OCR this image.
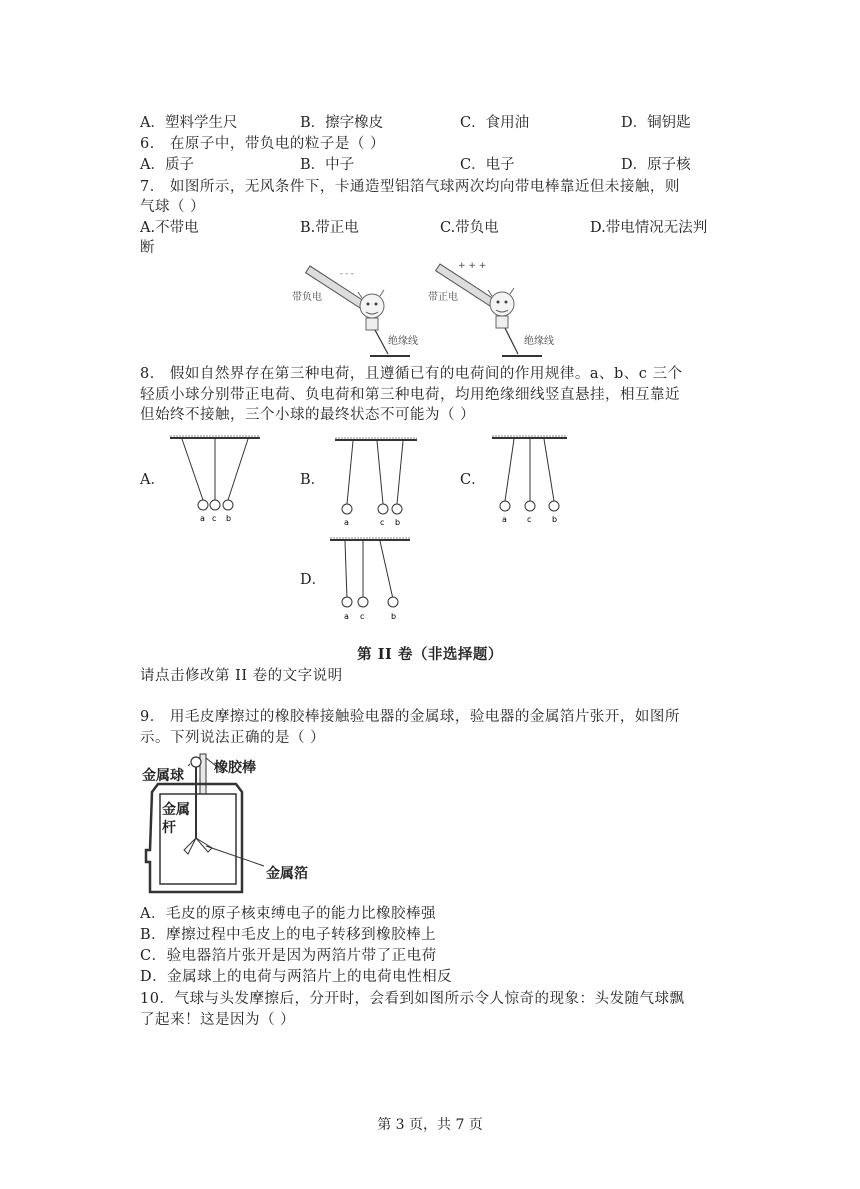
A．塑料学生尺	B．擦字橡皮	C．食用油	D．铜钥匙
6． 在原子中，带负电的粒子是（ ）
A．质子	B．中子	C．电子	D．原子核
7． 如图所示，无风条件下，卡通造型铝箔气球两次均向带电棒靠近但未接触，则
气球（ ）
A.不带电	B.带正电	C.带负电	D.带电情况无法判
断
- - -
带负电
绝缘线
+ + +
带正电
绝缘线
8． 假如自然界存在第三种电荷，且遵循已有的电荷间的作用规律。a、b、c 三个
轻质小球分别带正电荷、负电荷和第三种电荷，均用绝缘细线竖直悬挂，相互靠近
但始终不接触，三个小球的最终状态不可能为（ ）
A．	B．	C．
D．
a c b	a	c b	a	c	b
a c	b
第 II 卷（非选择题）
请点击修改第 II 卷的文字说明
9． 用毛皮摩擦过的橡胶棒接触验电器的金属球，验电器的金属箔片张开，如图所
示。下列说法正确的是（ ）
橡胶棒
金属球
金属
杆
金属箔
A．毛皮的原子核束缚电子的能力比橡胶棒强
B．摩擦过程中毛皮上的电子转移到橡胶棒上
C．验电器箔片张开是因为两箔片带了正电荷
D．金属球上的电荷与两箔片上的电荷电性相反
10．气球与头发摩擦后，分开时，会看到如图所示令人惊奇的现象：头发随气球飘
了起来！这是因为（ ）
第 3 页，共 7 页
